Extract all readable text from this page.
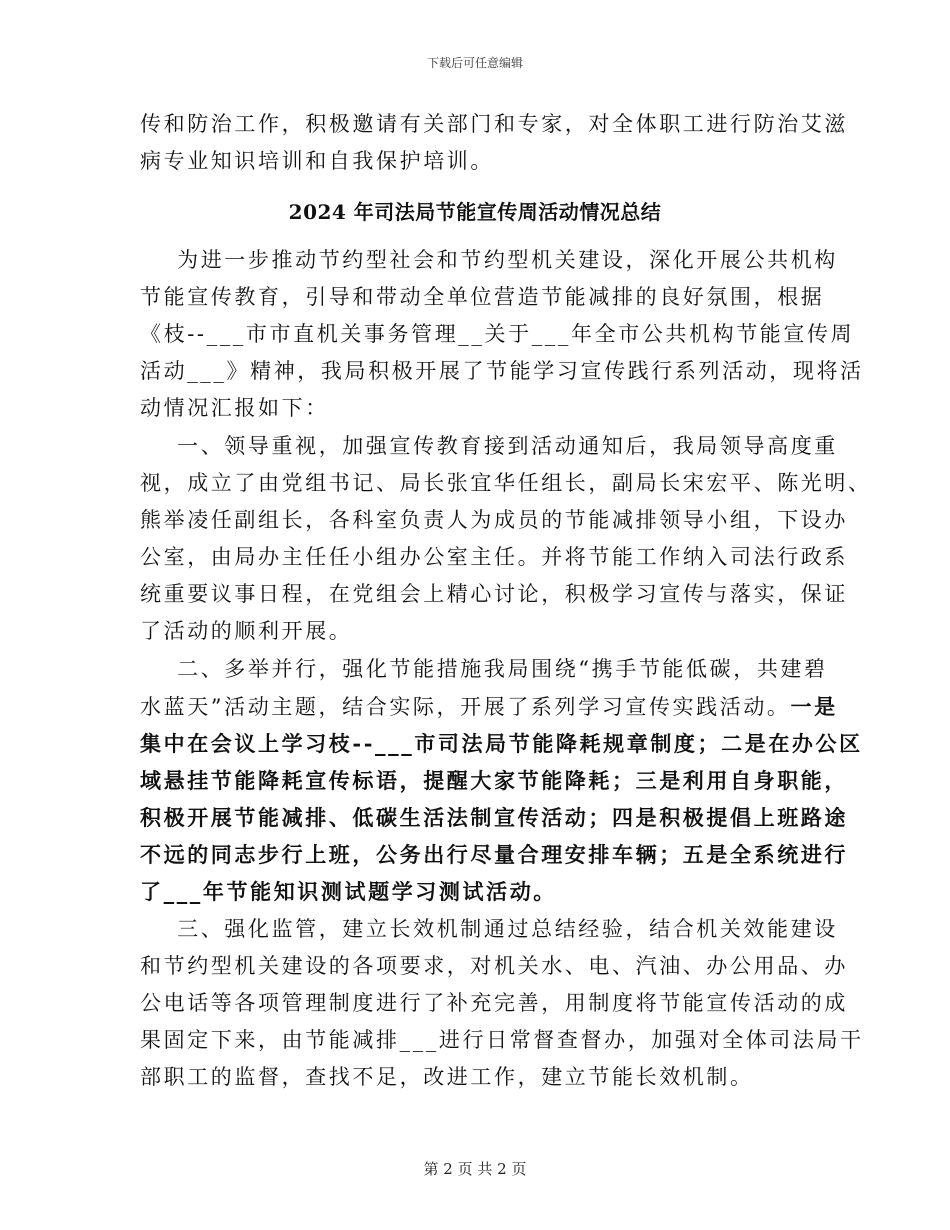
下载后可任意编辑
传和防治工作，积极邀请有关部门和专家，对全体职工进行防治艾滋
病专业知识培训和自我保护培训。
2024 年司法局节能宣传周活动情况总结
为进一步推动节约型社会和节约型机关建设，深化开展公共机构
节能宣传教育，引导和带动全单位营造节能减排的良好氛围，根据
《枝--___市市直机关事务管理__关于___年全市公共机构节能宣传周
活动___》精神，我局积极开展了节能学习宣传践行系列活动，现将活
动情况汇报如下：
一、领导重视，加强宣传教育接到活动通知后，我局领导高度重
视，成立了由党组书记、局长张宜华任组长，副局长宋宏平、陈光明、
熊举凌任副组长，各科室负责人为成员的节能减排领导小组，下设办
公室，由局办主任任小组办公室主任。并将节能工作纳入司法行政系
统重要议事日程，在党组会上精心讨论，积极学习宣传与落实，保证
了活动的顺利开展。
二、多举并行，强化节能措施我局围绕“携手节能低碳，共建碧
水蓝天”活动主题，结合实际，开展了系列学习宣传实践活动。一是
集中在会议上学习枝--___市司法局节能降耗规章制度；二是在办公区
域悬挂节能降耗宣传标语，提醒大家节能降耗；三是利用自身职能，
积极开展节能减排、低碳生活法制宣传活动；四是积极提倡上班路途
不远的同志步行上班，公务出行尽量合理安排车辆；五是全系统进行
了___年节能知识测试题学习测试活动。
三、强化监管，建立长效机制通过总结经验，结合机关效能建设
和节约型机关建设的各项要求，对机关水、电、汽油、办公用品、办
公电话等各项管理制度进行了补充完善，用制度将节能宣传活动的成
果固定下来，由节能减排___进行日常督查督办，加强对全体司法局干
部职工的监督，查找不足，改进工作，建立节能长效机制。
第 2 页 共 2 页
